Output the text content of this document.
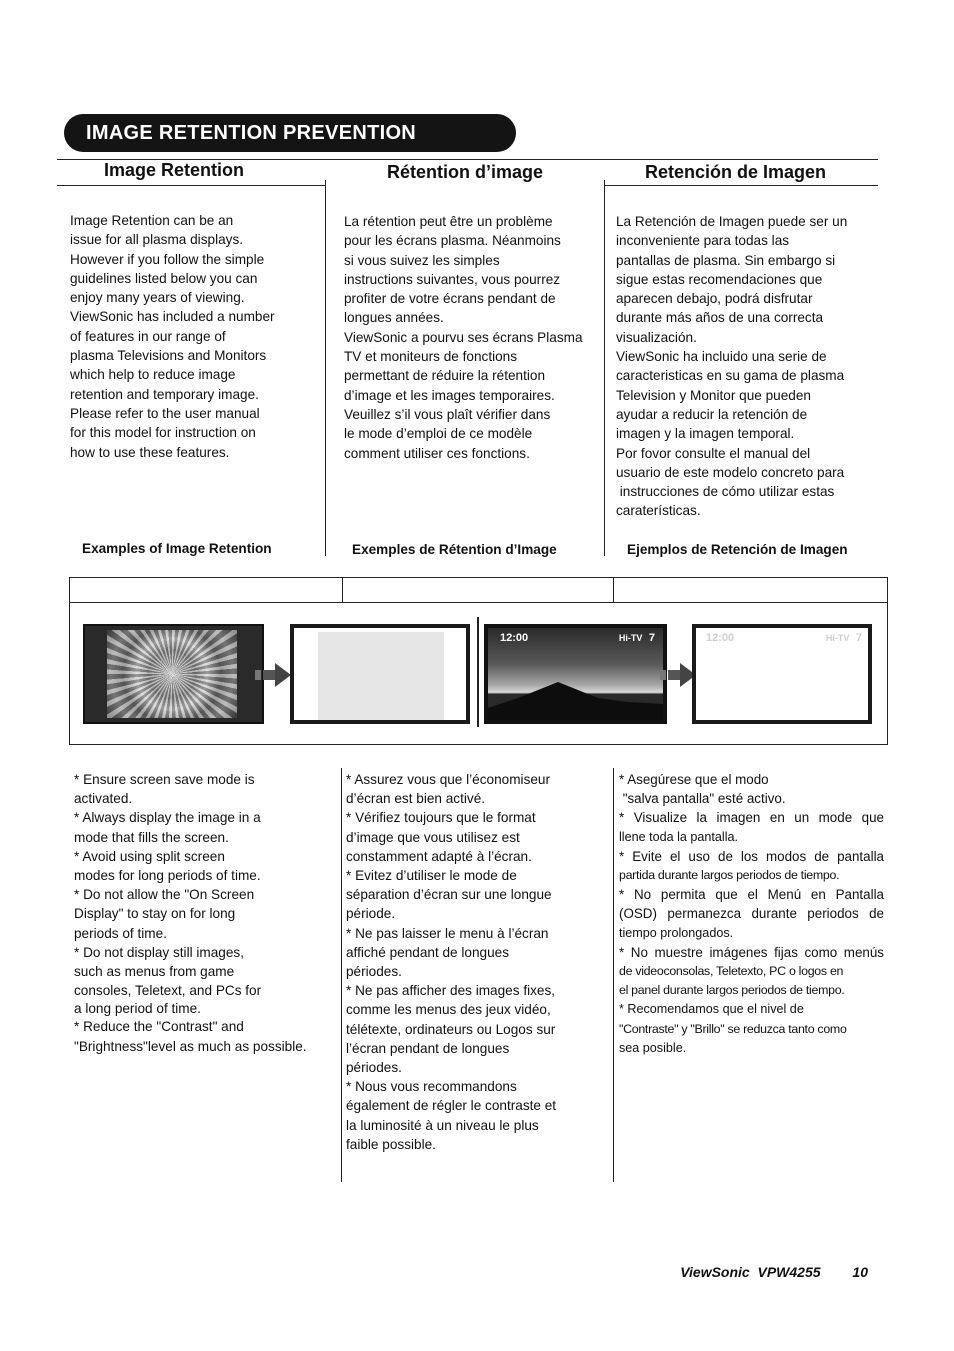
IMAGE RETENTION PREVENTION
Image Retention	Rétention d’image	Retención de Imagen
Image Retention can be an
issue for all plasma displays.
However if you follow the simple
guidelines listed below you can
enjoy many years of viewing.
ViewSonic has included a number
of features in our range of
plasma Televisions and Monitors
which help to reduce image
retention and temporary image.
Please refer to the user manual
for this model for instruction on
how to use these features.
La rétention peut être un problème
pour les écrans plasma. Néanmoins
si vous suivez les simples
instructions suivantes, vous pourrez
profiter de votre écrans pendant de
longues années.
ViewSonic a pourvu ses écrans Plasma
TV et moniteurs de fonctions
permettant de réduire la rétention
d’image et les images temporaires.
Veuillez s’il vous plaît vérifier dans
le mode d’emploi de ce modèle
comment utiliser ces fonctions.
La Retención de Imagen puede ser un
inconveniente para todas las
pantallas de plasma. Sin embargo si
sigue estas recomendaciones que
aparecen debajo, podrá disfrutar
durante más años de una correcta
visualización.
ViewSonic ha incluido una serie de
caracteristicas en su gama de plasma
Television y Monitor que pueden
ayudar a reducir la retención de
imagen y la imagen temporal.
Por fovor consulte el manual del
usuario de este modelo concreto para
instrucciones de cómo utilizar estas
caraterísticas.
Examples of Image Retention	Exemples de Rétention d’Image	Ejemplos de Retención de Imagen
12:00	Hi-TV 7	12:00	Hi-TV 7
* Ensure screen save mode is
activated.
* Always display the image in a
mode that fills the screen.
* Avoid using split screen
modes for long periods of time.
* Do not allow the "On Screen
Display" to stay on for long
periods of time.
* Do not display still images,
such as menus from game
consoles, Teletext, and PCs for
a long period of time.
* Reduce the "Contrast" and
"Brightness"level as much as possible.
* Assurez vous que l’économiseur
d’écran est bien activé.
* Vérifiez toujours que le format
d’image que vous utilisez est
constamment adapté à l’écran.
* Evitez d’utiliser le mode de
séparation d’écran sur une longue
période.
* Ne pas laisser le menu à l’écran
affiché pendant de longues
périodes.
* Ne pas afficher des images fixes,
comme les menus des jeux vidéo,
télétexte, ordinateurs ou Logos sur
l’écran pendant de longues
périodes.
* Nous vous recommandons
également de régler le contraste et
la luminosité à un niveau le plus
faible possible.
* Asegúrese que el modo
"salva pantalla" esté activo.
* Visualize la imagen en un mode que
llene toda la pantalla.
* Evite el uso de los modos de pantalla
partida durante largos periodos de tiempo.
* No permita que el Menú en Pantalla
(OSD) permanezca durante periodos de
tiempo prolongados.
* No muestre imágenes fijas como menús
de videoconsolas, Teletexto, PC o logos en
el panel durante largos periodos de tiempo.
* Recomendamos que el nivel de
"Contraste" y "Brillo" se reduzca tanto como
sea posible.
ViewSonic  VPW4255 10
